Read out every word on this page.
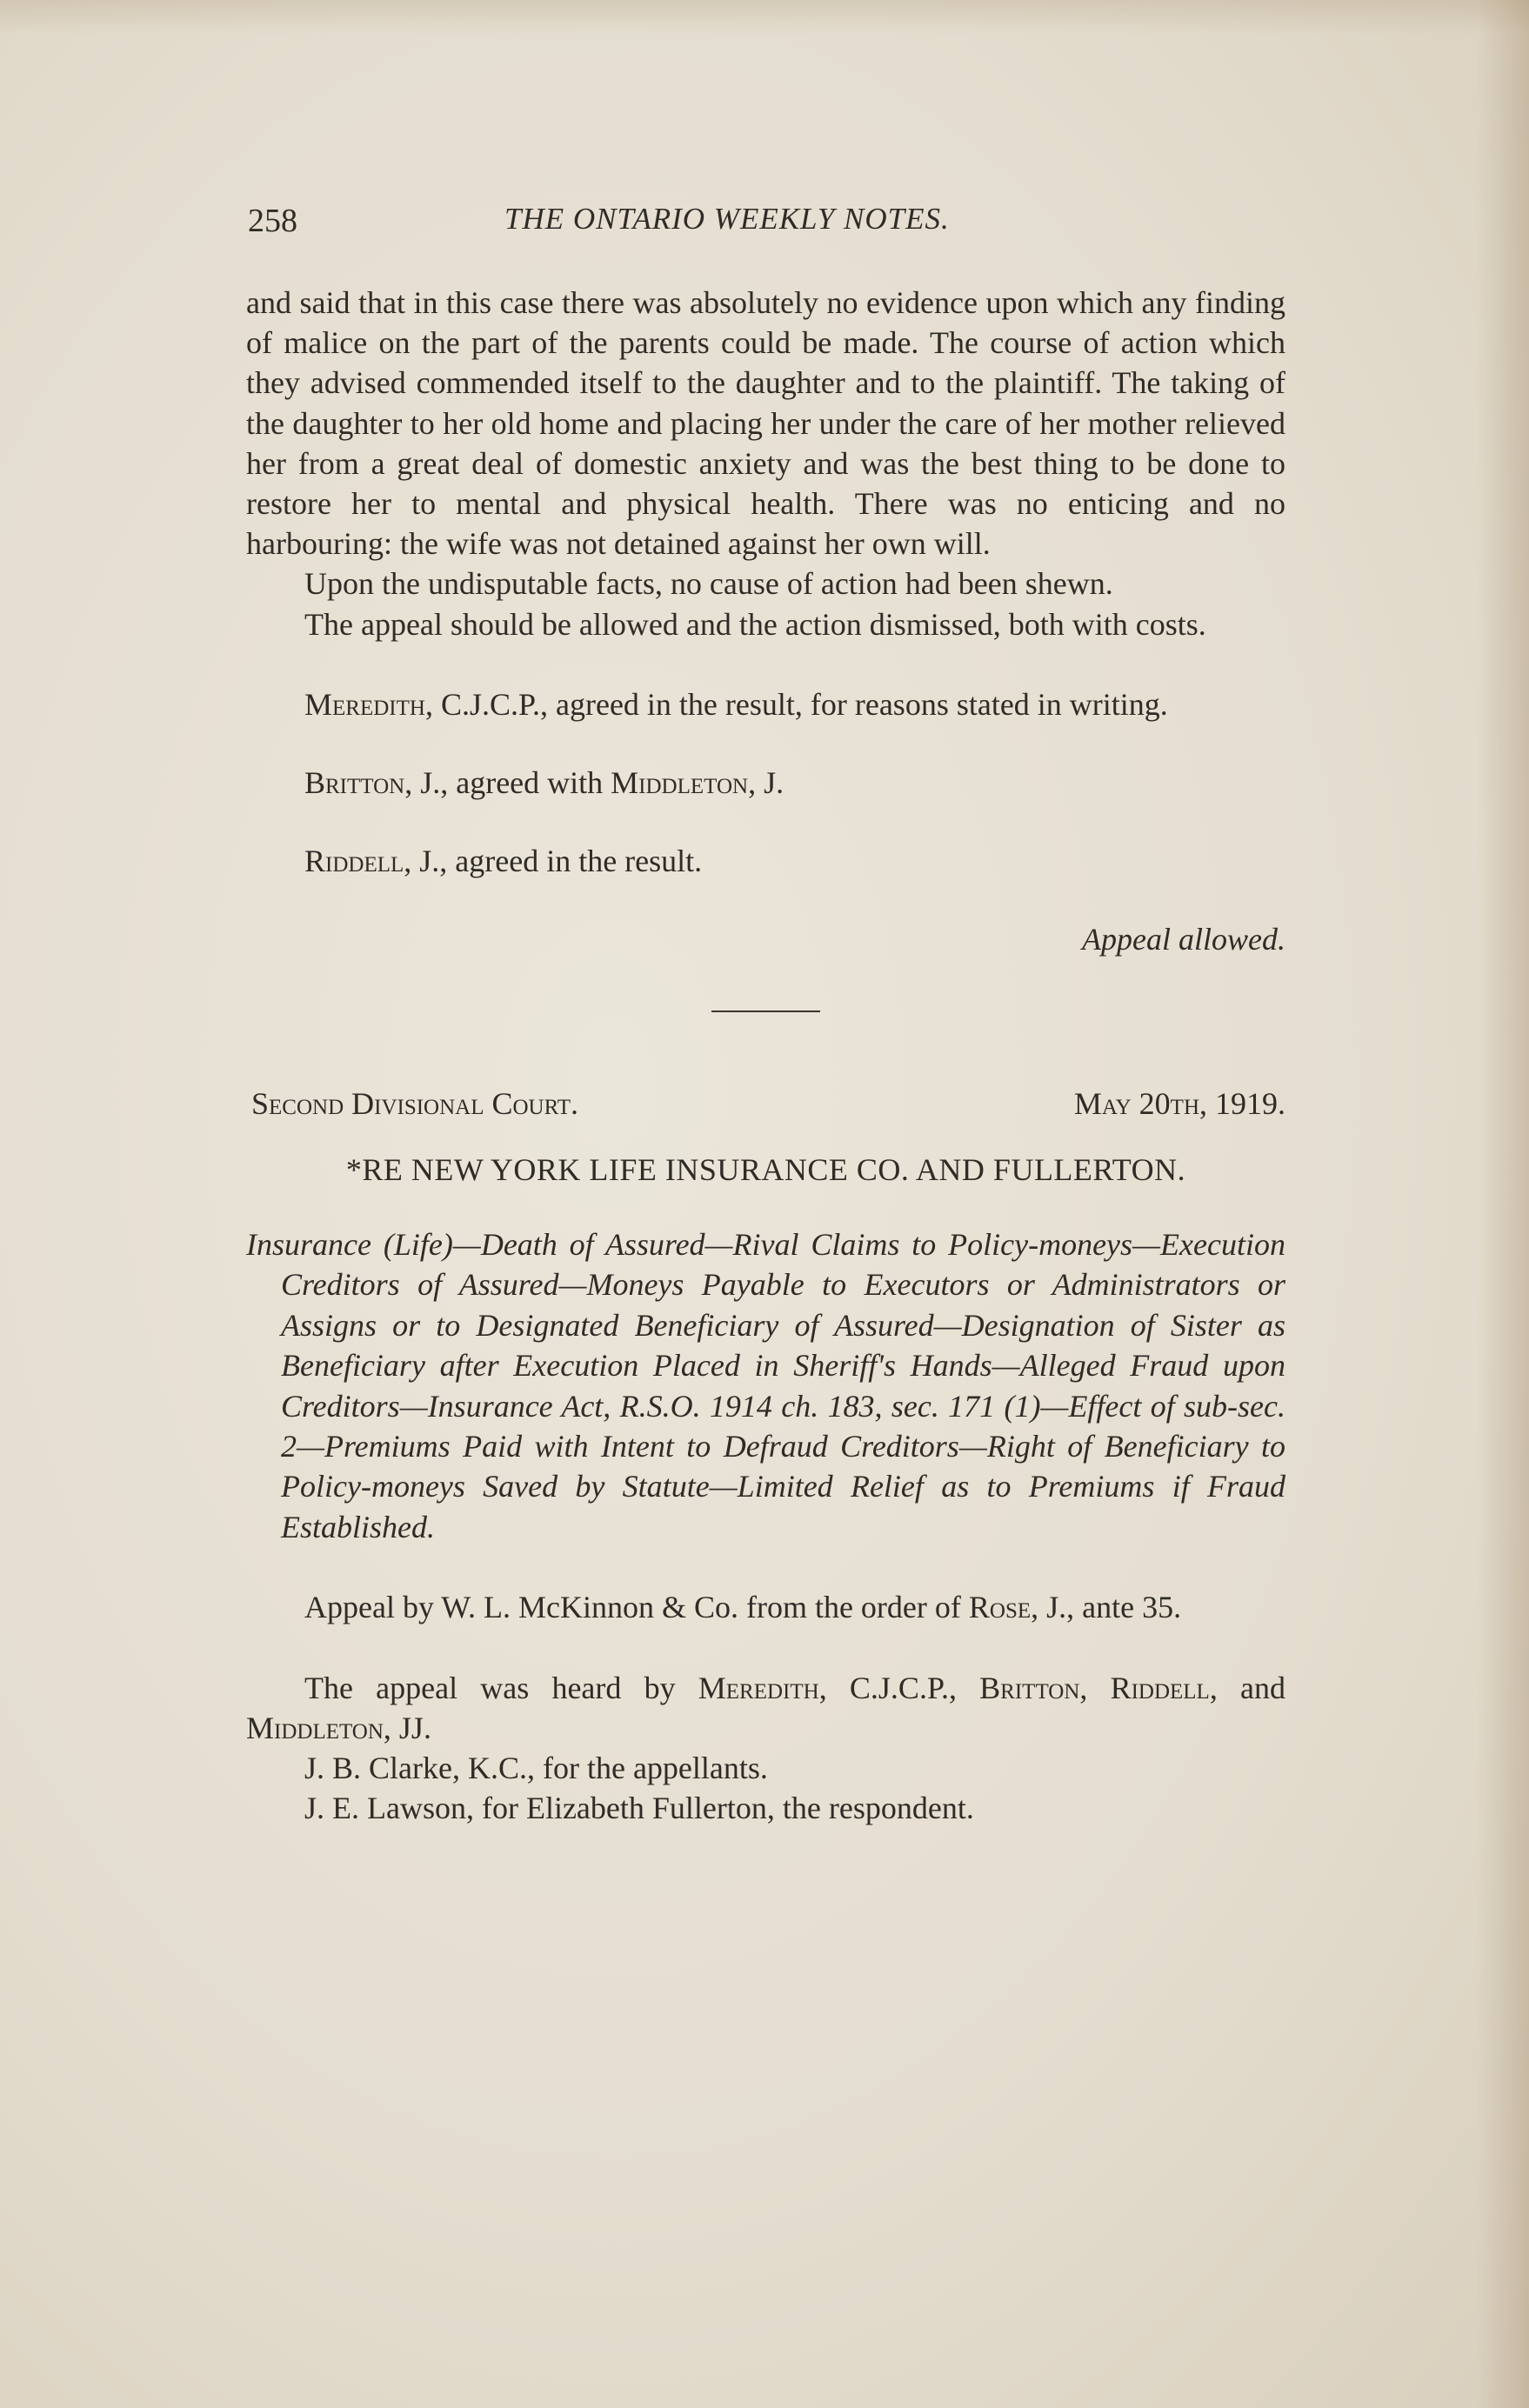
258	THE ONTARIO WEEKLY NOTES.

and said that in this case there was absolutely no evidence upon which any finding of malice on the part of the parents could be made. The course of action which they advised commended itself to the daughter and to the plaintiff. The taking of the daughter to her old home and placing her under the care of her mother relieved her from a great deal of domestic anxiety and was the best thing to be done to restore her to mental and physical health. There was no enticing and no harbouring: the wife was not detained against her own will.

Upon the undisputable facts, no cause of action had been shewn.

The appeal should be allowed and the action dismissed, both with costs.

Meredith, C.J.C.P., agreed in the result, for reasons stated in writing.

Britton, J., agreed with Middleton, J.

Riddell, J., agreed in the result.

Appeal allowed.

Second Divisional Court.	May 20th, 1919.

*RE NEW YORK LIFE INSURANCE CO. AND FULLERTON.

Insurance (Life)—Death of Assured—Rival Claims to Policy-moneys—Execution Creditors of Assured—Moneys Payable to Executors or Administrators or Assigns or to Designated Beneficiary of Assured—Designation of Sister as Beneficiary after Execution Placed in Sheriff's Hands—Alleged Fraud upon Creditors—Insurance Act, R.S.O. 1914 ch. 183, sec. 171 (1)—Effect of sub-sec. 2—Premiums Paid with Intent to Defraud Creditors—Right of Beneficiary to Policy-moneys Saved by Statute—Limited Relief as to Premiums if Fraud Established.

Appeal by W. L. McKinnon & Co. from the order of Rose, J., ante 35.

The appeal was heard by Meredith, C.J.C.P., Britton, Riddell, and Middleton, JJ.

J. B. Clarke, K.C., for the appellants.

J. E. Lawson, for Elizabeth Fullerton, the respondent.
